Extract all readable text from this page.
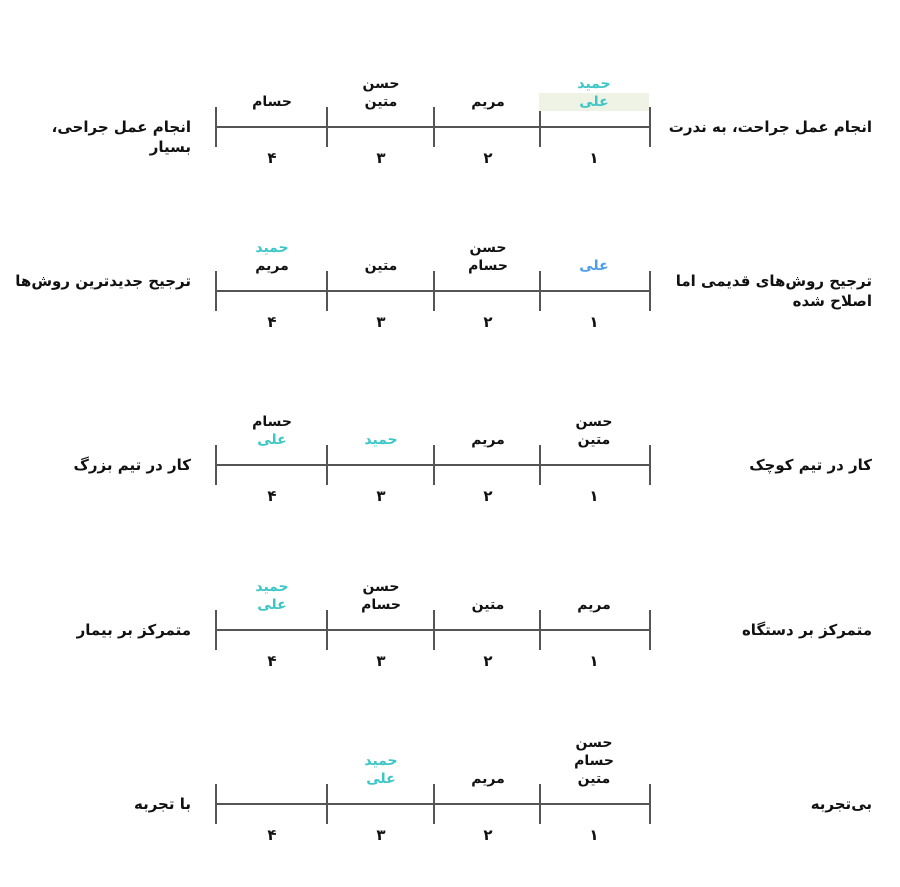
انجام عمل جراحت، به ندرت
انجام عمل جراحی، بسیار
۱
۲
۳
۴
حمید
علی
مریم
حسن
متین
حسام
ترجیح روش‌های قدیمی اما اصلاح شده
ترجیح جدیدترین روش‌ها
۱
۲
۳
۴
علی
حسن
حسام
متین
حمید
مریم
کار در تیم کوچک
کار در تیم بزرگ
۱
۲
۳
۴
حسن
متین
مریم
حمید
حسام
علی
متمرکز بر دستگاه
متمرکز بر بیمار
۱
۲
۳
۴
مریم
متین
حسن
حسام
حمید
علی
بی‌تجربه
با تجربه
۱
۲
۳
۴
حسن
حسام
متین
مریم
حمید
علی
